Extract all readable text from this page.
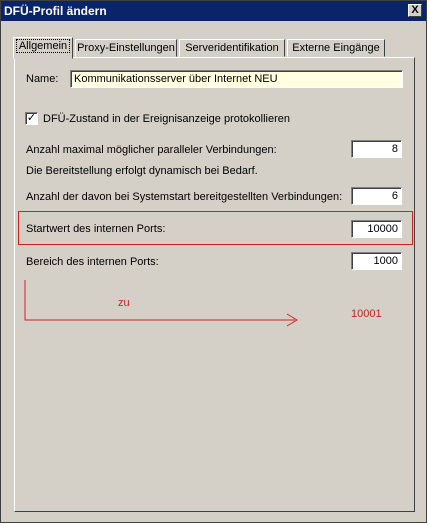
DFÜ-Profil ändern	X
Allgemein Proxy-Einstellungen Serveridentifikation	Externe Eingänge
Name:	Kommunikationsserver über Internet NEU
✓ DFÜ-Zustand in der Ereignisanzeige protokollieren
Anzahl maximal möglicher paralleler Verbindungen:	8
Die Bereitstellung erfolgt dynamisch bei Bedarf.
Anzahl der davon bei Systemstart bereitgestellten Verbindungen:	6
Startwert des internen Ports:	10000
Bereich des internen Ports:	1000
zu
10001
